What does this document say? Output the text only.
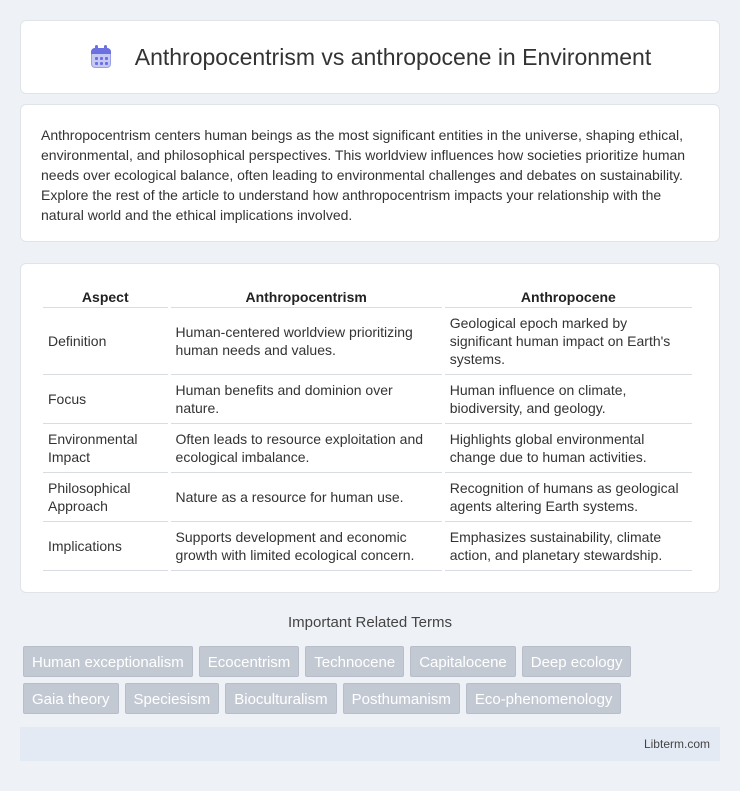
Anthropocentrism vs anthropocene in Environment

Anthropocentrism centers human beings as the most significant entities in the universe, shaping ethical, environmental, and philosophical perspectives. This worldview influences how societies prioritize human needs over ecological balance, often leading to environmental challenges and debates on sustainability. Explore the rest of the article to understand how anthropocentrism impacts your relationship with the natural world and the ethical implications involved.

Aspect	Anthropocentrism	Anthropocene
Definition	Human-centered worldview prioritizing human needs and values.	Geological epoch marked by significant human impact on Earth's systems.
Focus	Human benefits and dominion over nature.	Human influence on climate, biodiversity, and geology.
Environmental Impact	Often leads to resource exploitation and ecological imbalance.	Highlights global environmental change due to human activities.
Philosophical Approach	Nature as a resource for human use.	Recognition of humans as geological agents altering Earth systems.
Implications	Supports development and economic growth with limited ecological concern.	Emphasizes sustainability, climate action, and planetary stewardship.
Important Related Terms
Human exceptionalism	Ecocentrism	Technocene	Capitalocene	Deep ecology
Gaia theory	Speciesism	Bioculturalism	Posthumanism	Eco-phenomenology
Libterm.com
